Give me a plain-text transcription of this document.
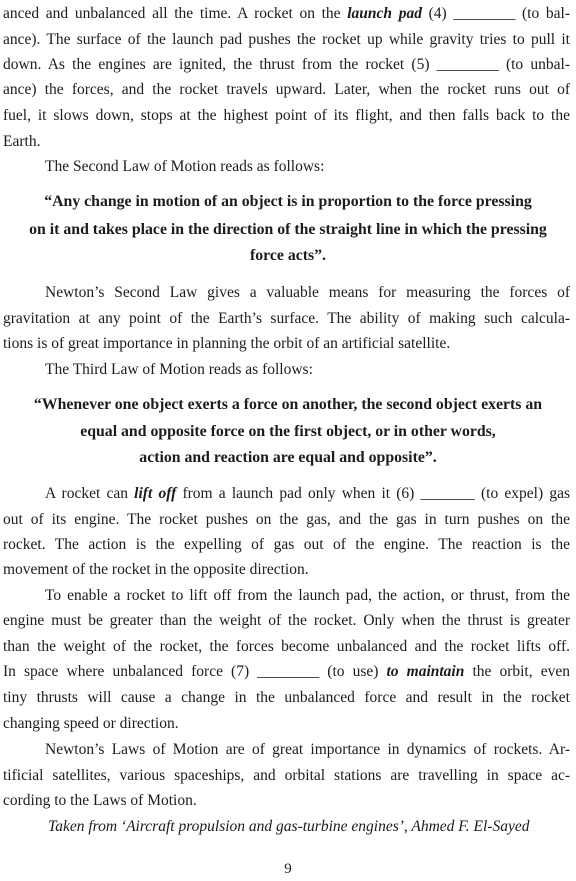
anced and unbalanced all the time. A rocket on the launch pad (4) ________ (to bal-
ance). The surface of the launch pad pushes the rocket up while gravity tries to pull it
down. As the engines are ignited, the thrust from the rocket (5) ________ (to unbal-
ance) the forces, and the rocket travels upward. Later, when the rocket runs out of
fuel, it slows down, stops at the highest point of its flight, and then falls back to the
Earth.
The Second Law of Motion reads as follows:
“Any change in motion of an object is in proportion to the force pressing
on it and takes place in the direction of the straight line in which the pressing
force acts”.
Newton’s Second Law gives a valuable means for measuring the forces of
gravitation at any point of the Earth’s surface. The ability of making such calcula-
tions is of great importance in planning the orbit of an artificial satellite.
The Third Law of Motion reads as follows:
“Whenever one object exerts a force on another, the second object exerts an
equal and opposite force on the first object, or in other words,
action and reaction are equal and opposite”.
A rocket can lift off from a launch pad only when it (6) _______ (to expel) gas
out of its engine. The rocket pushes on the gas, and the gas in turn pushes on the
rocket. The action is the expelling of gas out of the engine. The reaction is the
movement of the rocket in the opposite direction.
To enable a rocket to lift off from the launch pad, the action, or thrust, from the
engine must be greater than the weight of the rocket. Only when the thrust is greater
than the weight of the rocket, the forces become unbalanced and the rocket lifts off.
In space where unbalanced force (7) ________ (to use) to maintain the orbit, even
tiny thrusts will cause a change in the unbalanced force and result in the rocket
changing speed or direction.
Newton’s Laws of Motion are of great importance in dynamics of rockets. Ar-
tificial satellites, various spaceships, and orbital stations are travelling in space ac-
cording to the Laws of Motion.
Taken from ‘Aircraft propulsion and gas-turbine engines’, Ahmed F. El-Sayed
9
